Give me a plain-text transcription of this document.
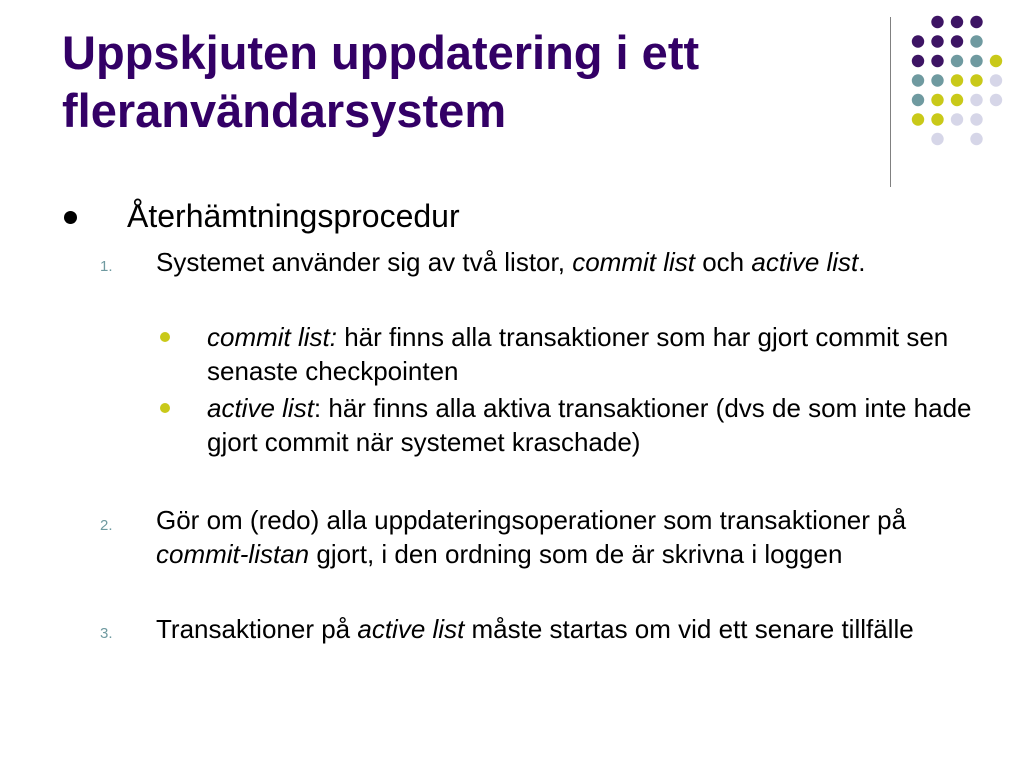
Uppskjuten uppdatering i ett fleranvändarsystem
Återhämtningsprocedur
1. Systemet använder sig av två listor, commit list och active list.
commit list: här finns alla transaktioner som har gjort commit sen senaste checkpointen
active list: här finns alla aktiva transaktioner (dvs de som inte hade gjort commit när systemet kraschade)
2. Gör om (redo) alla uppdateringsoperationer som transaktioner på commit-listan gjort, i den ordning som de är skrivna i loggen
3. Transaktioner på active list måste startas om vid ett senare tillfälle
